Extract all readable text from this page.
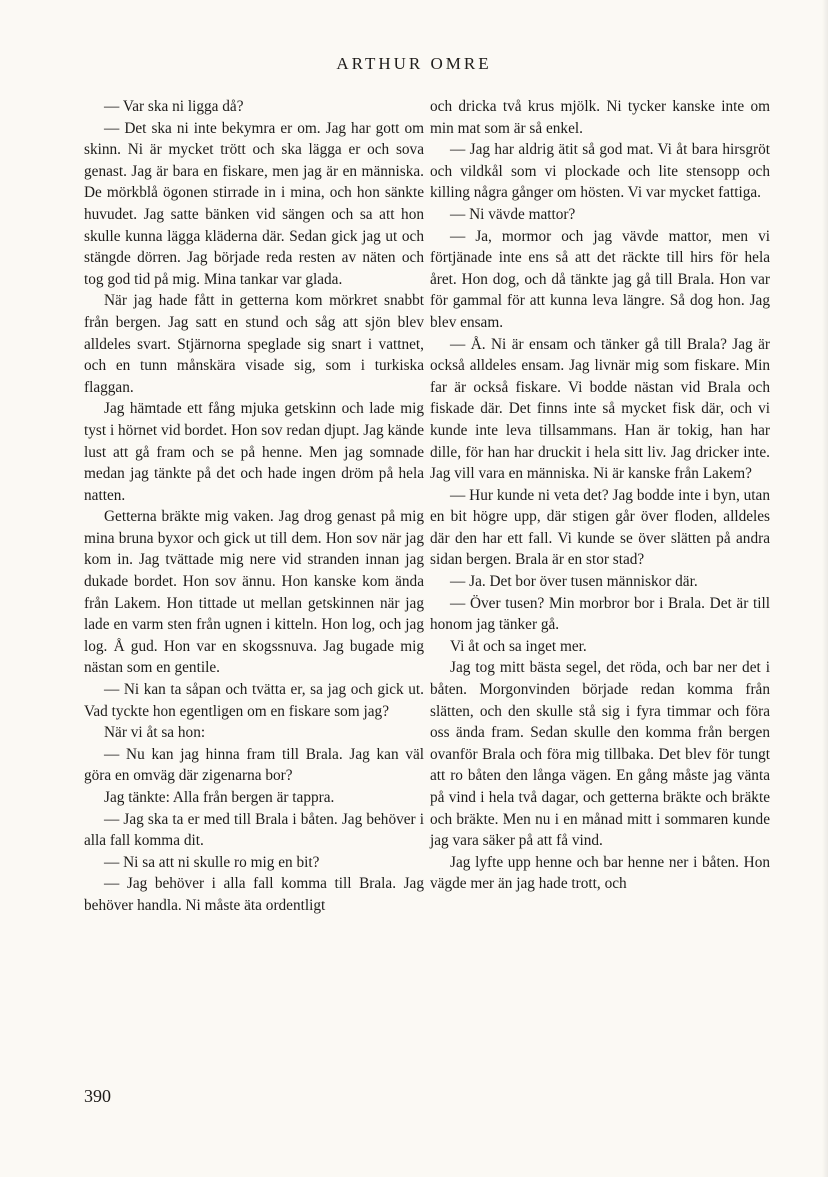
ARTHUR OMRE

— Var ska ni ligga då?

— Det ska ni inte bekymra er om. Jag har gott om skinn. Ni är mycket trött och ska lägga er och sova genast. Jag är bara en fiskare, men jag är en människa. De mörkblå ögonen stirrade in i mina, och hon sänkte huvudet. Jag satte bänken vid sängen och sa att hon skulle kunna lägga kläderna där. Sedan gick jag ut och stängde dörren. Jag började reda resten av näten och tog god tid på mig. Mina tankar var glada.

När jag hade fått in getterna kom mörkret snabbt från bergen. Jag satt en stund och såg att sjön blev alldeles svart. Stjärnorna speglade sig snart i vattnet, och en tunn månskära visade sig, som i turkiska flaggan.

Jag hämtade ett fång mjuka getskinn och lade mig tyst i hörnet vid bordet. Hon sov redan djupt. Jag kände lust att gå fram och se på henne. Men jag somnade medan jag tänkte på det och hade ingen dröm på hela natten.

Getterna bräkte mig vaken. Jag drog genast på mig mina bruna byxor och gick ut till dem. Hon sov när jag kom in. Jag tvättade mig nere vid stranden innan jag dukade bordet. Hon sov ännu. Hon kanske kom ända från Lakem. Hon tittade ut mellan getskinnen när jag lade en varm sten från ugnen i kitteln. Hon log, och jag log. Å gud. Hon var en skogssnuva. Jag bugade mig nästan som en gentile.

— Ni kan ta såpan och tvätta er, sa jag och gick ut. Vad tyckte hon egentligen om en fiskare som jag?

När vi åt sa hon:

— Nu kan jag hinna fram till Brala. Jag kan väl göra en omväg där zigenarna bor?

Jag tänkte: Alla från bergen är tappra.

— Jag ska ta er med till Brala i båten. Jag behöver i alla fall komma dit.

— Ni sa att ni skulle ro mig en bit?

— Jag behöver i alla fall komma till Brala. Jag behöver handla. Ni måste äta ordentligt

och dricka två krus mjölk. Ni tycker kanske inte om min mat som är så enkel.

— Jag har aldrig ätit så god mat. Vi åt bara hirsgröt och vildkål som vi plockade och lite stensopp och killing några gånger om hösten. Vi var mycket fattiga.

— Ni vävde mattor?

— Ja, mormor och jag vävde mattor, men vi förtjänade inte ens så att det räckte till hirs för hela året. Hon dog, och då tänkte jag gå till Brala. Hon var för gammal för att kunna leva längre. Så dog hon. Jag blev ensam.

— Å. Ni är ensam och tänker gå till Brala? Jag är också alldeles ensam. Jag livnär mig som fiskare. Min far är också fiskare. Vi bodde nästan vid Brala och fiskade där. Det finns inte så mycket fisk där, och vi kunde inte leva tillsammans. Han är tokig, han har dille, för han har druckit i hela sitt liv. Jag dricker inte. Jag vill vara en människa. Ni är kanske från Lakem?

— Hur kunde ni veta det? Jag bodde inte i byn, utan en bit högre upp, där stigen går över floden, alldeles där den har ett fall. Vi kunde se över slätten på andra sidan bergen. Brala är en stor stad?

— Ja. Det bor över tusen människor där.

— Över tusen? Min morbror bor i Brala. Det är till honom jag tänker gå.

Vi åt och sa inget mer.

Jag tog mitt bästa segel, det röda, och bar ner det i båten. Morgonvinden började redan komma från slätten, och den skulle stå sig i fyra timmar och föra oss ända fram. Sedan skulle den komma från bergen ovanför Brala och föra mig tillbaka. Det blev för tungt att ro båten den långa vägen. En gång måste jag vänta på vind i hela två dagar, och getterna bräkte och bräkte och bräkte. Men nu i en månad mitt i sommaren kunde jag vara säker på att få vind.

Jag lyfte upp henne och bar henne ner i båten. Hon vägde mer än jag hade trott, och

390
